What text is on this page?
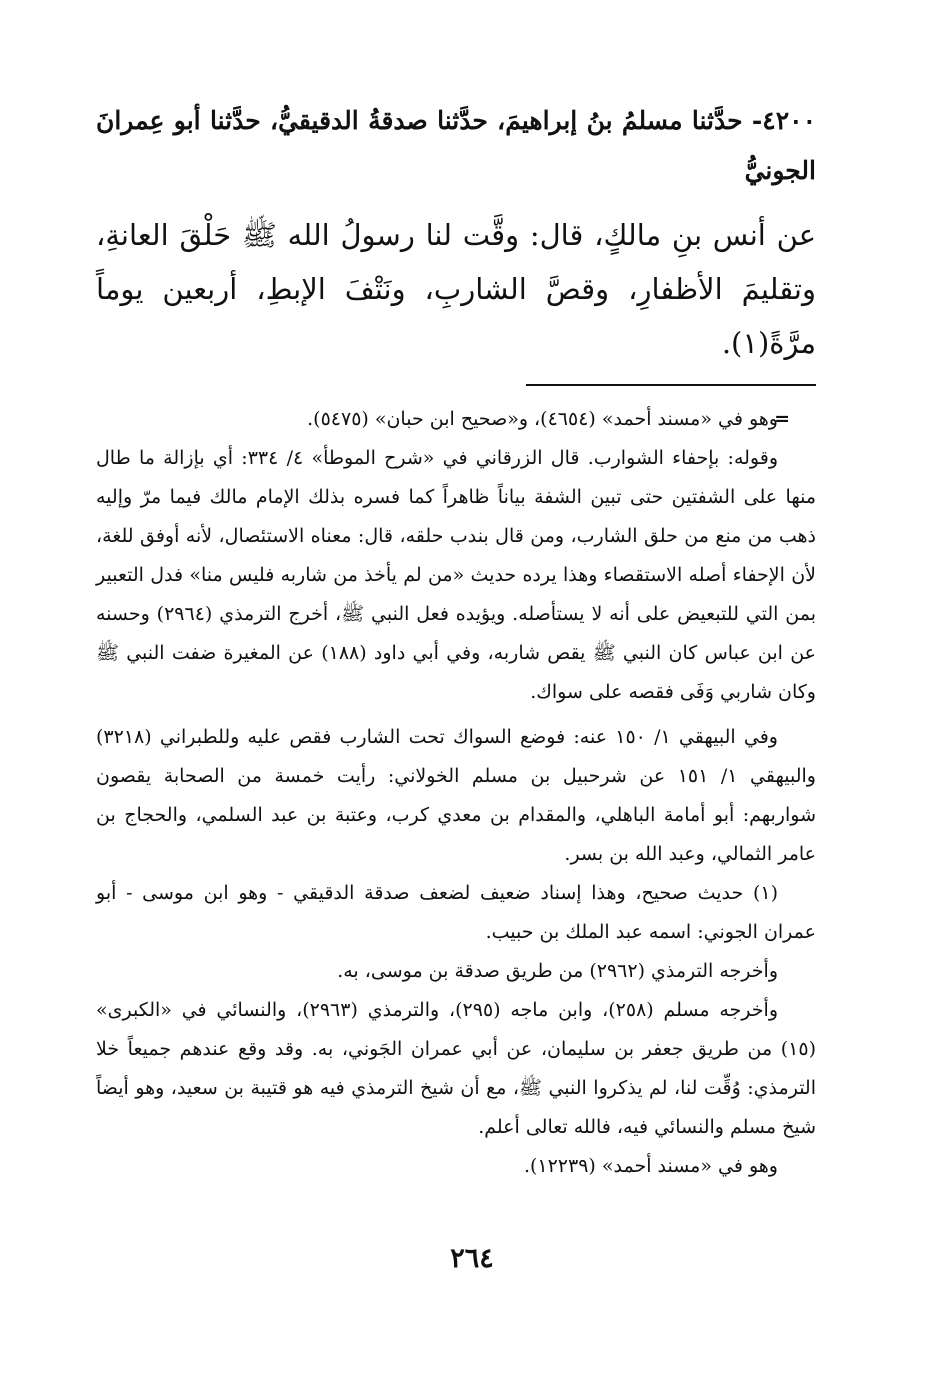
٤٢٠٠- حدَّثنا مسلمُ بنُ إبراهيمَ، حدَّثنا صدقةُ الدقيقيُّ، حدَّثنا أبو عِمرانَ الجونيُّ

عن أنس بنِ مالكٍ، قال: وقَّت لنا رسولُ الله ﷺ حَلْقَ العانةِ، وتقليمَ الأظفارِ، وقصَّ الشاربِ، ونَتْفَ الإبطِ، أربعين يوماً مرَّةً(١).

=
وهو في «مسند أحمد» (٤٦٥٤)، و«صحيح ابن حبان» (٥٤٧٥).

وقوله: بإحفاء الشوارب. قال الزرقاني في «شرح الموطأ» ٤/ ٣٣٤: أي بإزالة ما طال منها على الشفتين حتى تبين الشفة بياناً ظاهراً كما فسره بذلك الإمام مالك فيما مرّ وإليه ذهب من منع من حلق الشارب، ومن قال بندب حلقه، قال: معناه الاستئصال، لأنه أوفق للغة، لأن الإحفاء أصله الاستقصاء وهذا يرده حديث «من لم يأخذ من شاربه فليس منا» فدل التعبير بمن التي للتبعيض على أنه لا يستأصله. ويؤيده فعل النبي ﷺ، أخرج الترمذي (٢٩٦٤) وحسنه عن ابن عباس كان النبي ﷺ يقص شاربه، وفي أبي داود (١٨٨) عن المغيرة ضفت النبي ﷺ وكان شاربي وَفَى فقصه على سواك.

وفي البيهقي ١/ ١٥٠ عنه: فوضع السواك تحت الشارب فقص عليه وللطبراني (٣٢١٨) والبيهقي ١/ ١٥١ عن شرحبيل بن مسلم الخولاني: رأيت خمسة من الصحابة يقصون شواربهم: أبو أمامة الباهلي، والمقدام بن معدي كرب، وعتبة بن عبد السلمي، والحجاج بن عامر الثمالي، وعبد الله بن بسر.

(١) حديث صحيح، وهذا إسناد ضعيف لضعف صدقة الدقيقي - وهو ابن موسى - أبو عمران الجوني: اسمه عبد الملك بن حبيب.

وأخرجه الترمذي (٢٩٦٢) من طريق صدقة بن موسى، به.

وأخرجه مسلم (٢٥٨)، وابن ماجه (٢٩٥)، والترمذي (٢٩٦٣)، والنسائي في «الكبرى» (١٥) من طريق جعفر بن سليمان، عن أبي عمران الجَوني، به. وقد وقع عندهم جميعاً خلا الترمذي: وُقِّت لنا، لم يذكروا النبي ﷺ، مع أن شيخ الترمذي فيه هو قتيبة بن سعيد، وهو أيضاً شيخ مسلم والنسائي فيه، فالله تعالى أعلم.

وهو في «مسند أحمد» (١٢٢٣٩).

٢٦٤
